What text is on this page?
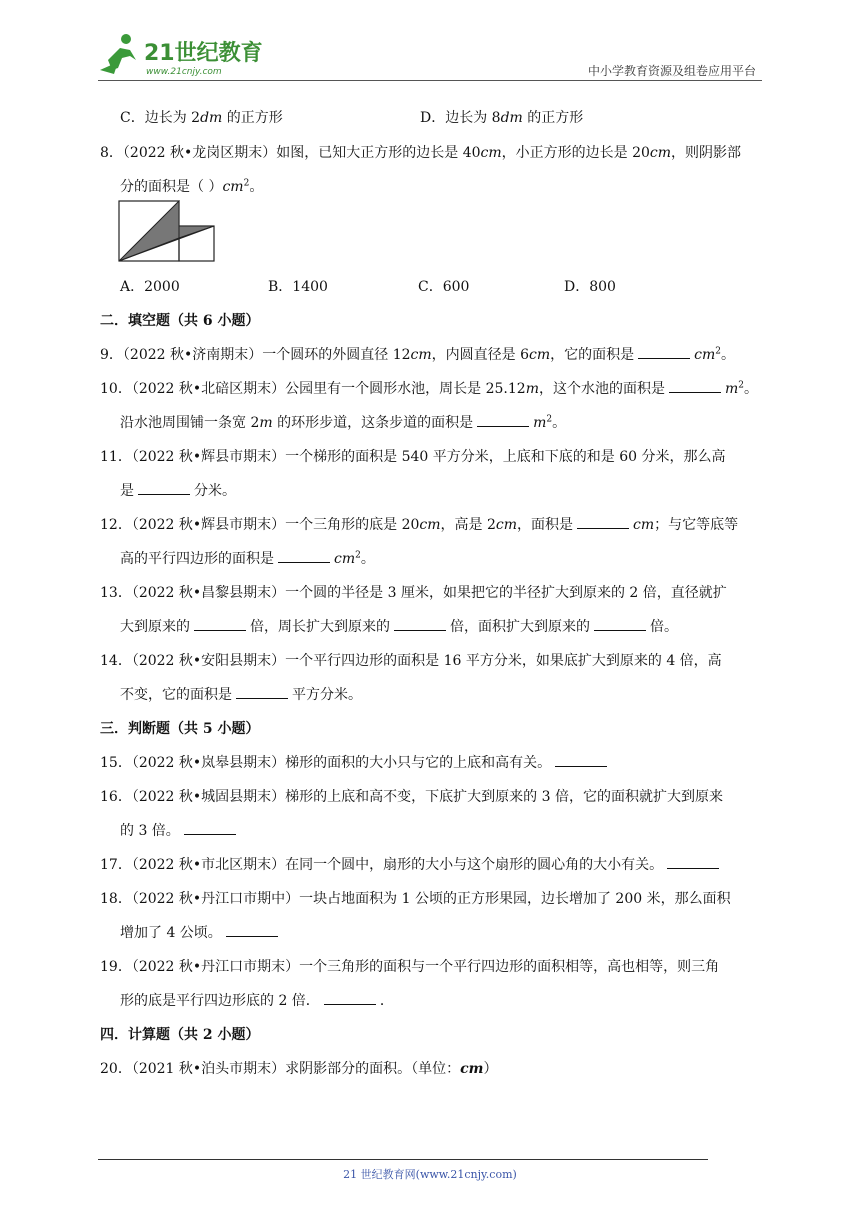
21世纪教育
www.21cnjy.com	中小学教育资源及组卷应用平台
C．边长为 2dm 的正方形	D．边长为 8dm 的正方形
8．（2022 秋•龙岗区期末）如图，已知大正方形的边长是 40cm，小正方形的边长是 20cm，则阴影部
分的面积是（ ）$cm^2$。
A．2000	B．1400	C．600	D．800
二．填空题（共 6 小题）
9．（2022 秋•济南期末）一个圆环的外圆直径 12cm，内圆直径是 6cm，它的面积是	$cm^2$。
10．（2022 秋•北碚区期末）公园里有一个圆形水池，周长是 25.12m，这个水池的面积是	$m^2$。
沿水池周围铺一条宽 2m 的环形步道，这条步道的面积是	$m^2$。
11．（2022 秋•辉县市期末）一个梯形的面积是 540 平方分米，上底和下底的和是 60 分米，那么高
是	分米。
12．（2022 秋•辉县市期末）一个三角形的底是 20cm，高是 2cm，面积是	cm；与它等底等
高的平行四边形的面积是	$cm^2$。
13．（2022 秋•昌黎县期末）一个圆的半径是 3 厘米，如果把它的半径扩大到原来的 2 倍，直径就扩
大到原来的	倍，周长扩大到原来的	倍，面积扩大到原来的	倍。
14．（2022 秋•安阳县期末）一个平行四边形的面积是 16 平方分米，如果底扩大到原来的 4 倍，高
不变，它的面积是	平方分米。
三．判断题（共 5 小题）
15．（2022 秋•岚皋县期末）梯形的面积的大小只与它的上底和高有关。
16．（2022 秋•城固县期末）梯形的上底和高不变，下底扩大到原来的 3 倍，它的面积就扩大到原来
的 3 倍。
17．（2022 秋•市北区期末）在同一个圆中，扇形的大小与这个扇形的圆心角的大小有关。
18．（2022 秋•丹江口市期中）一块占地面积为 1 公顷的正方形果园，边长增加了 200 米，那么面积
增加了 4 公顷。
19．（2022 秋•丹江口市期末）一个三角形的面积与一个平行四边形的面积相等，高也相等，则三角
形的底是平行四边形底的 2 倍．	．
四．计算题（共 2 小题）
20．（2021 秋•泊头市期末）求阴影部分的面积。（单位：cm）
21 世纪教育网(www.21cnjy.com)
